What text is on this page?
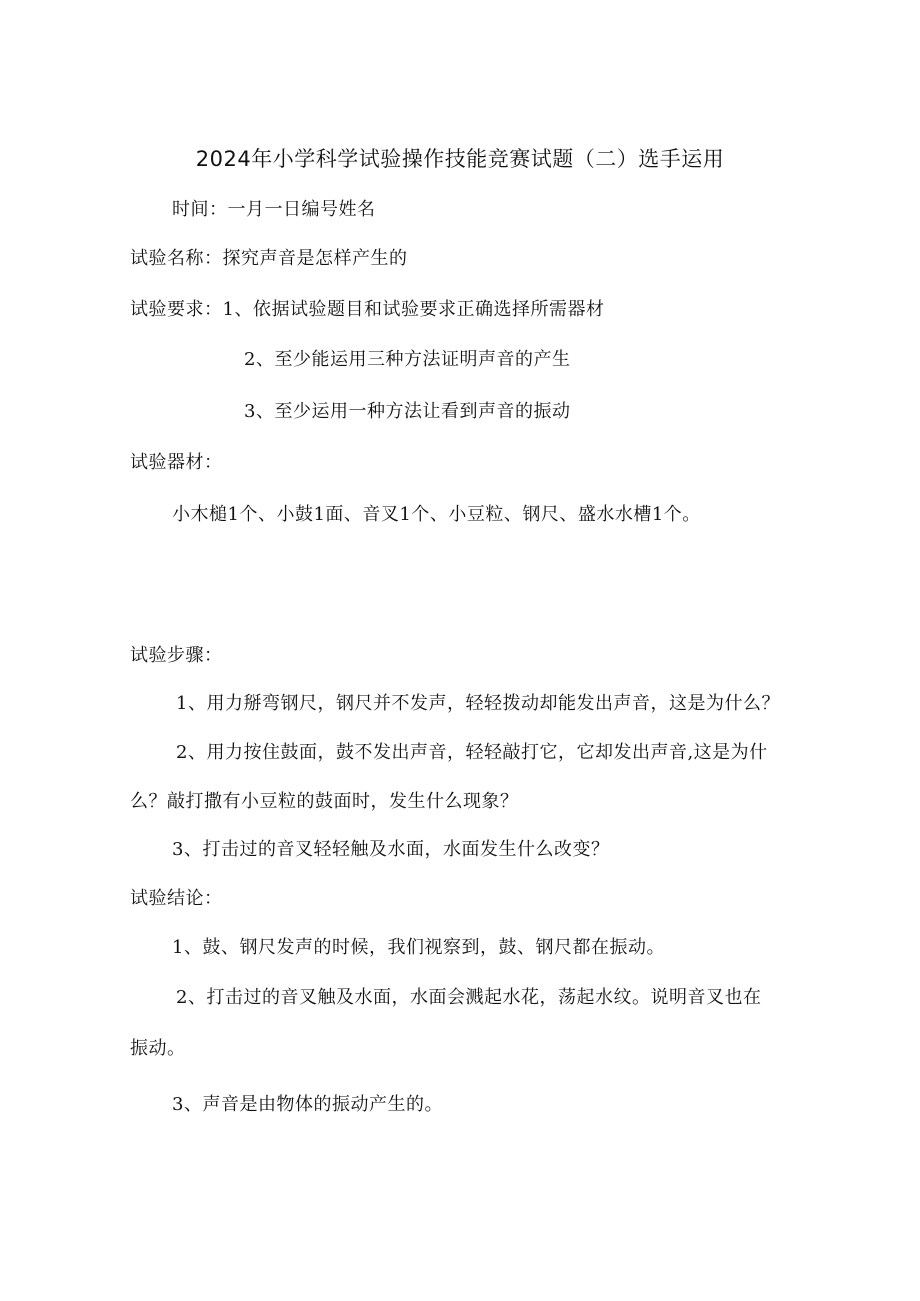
2024年小学科学试验操作技能竞赛试题（二）选手运用
时间：一月一日编号姓名
试验名称：探究声音是怎样产生的
试验要求：1、依据试验题目和试验要求正确选择所需器材
2、至少能运用三种方法证明声音的产生
3、至少运用一种方法让看到声音的振动
试验器材：
小木槌1个、小鼓1面、音叉1个、小豆粒、钢尺、盛水水槽1个。
试验步骤：
1、用力掰弯钢尺，钢尺并不发声，轻轻拨动却能发出声音，这是为什么？
2、用力按住鼓面，鼓不发出声音，轻轻敲打它，它却发出声音,这是为什
么？敲打撒有小豆粒的鼓面时，发生什么现象？
3、打击过的音叉轻轻触及水面，水面发生什么改变？
试验结论：
1、鼓、钢尺发声的时候，我们视察到，鼓、钢尺都在振动。
2、打击过的音叉触及水面，水面会溅起水花，荡起水纹。说明音叉也在
振动。
3、声音是由物体的振动产生的。
